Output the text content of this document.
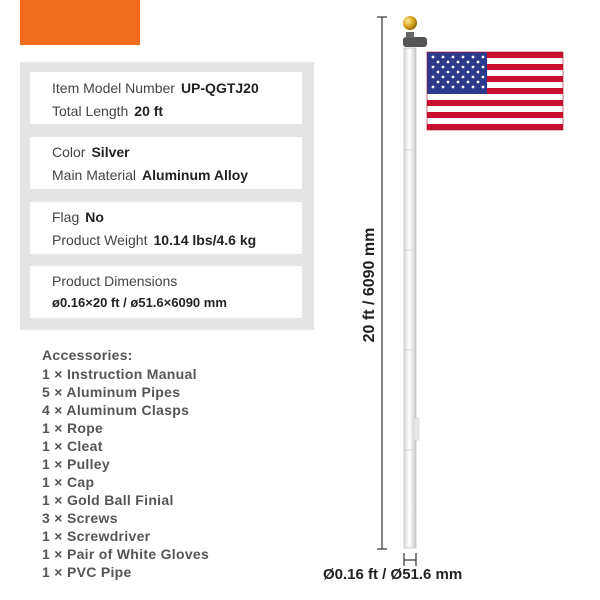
Item Model Number UP-QGTJ20
Total Length 20 ft
Color Silver
Main Material Aluminum Alloy
Flag No
Product Weight 10.14 lbs/4.6 kg
Product Dimensions
ø0.16×20 ft / ø51.6×6090 mm
Accessories:
1 × Instruction Manual
5 × Aluminum Pipes
4 × Aluminum Clasps
1 × Rope
1 × Cleat
1 × Pulley
1 × Cap
1 × Gold Ball Finial
3 × Screws
1 × Screwdriver
1 × Pair of White Gloves
1 × PVC Pipe
20 ft / 6090 mm
Ø0.16 ft / Ø51.6 mm
